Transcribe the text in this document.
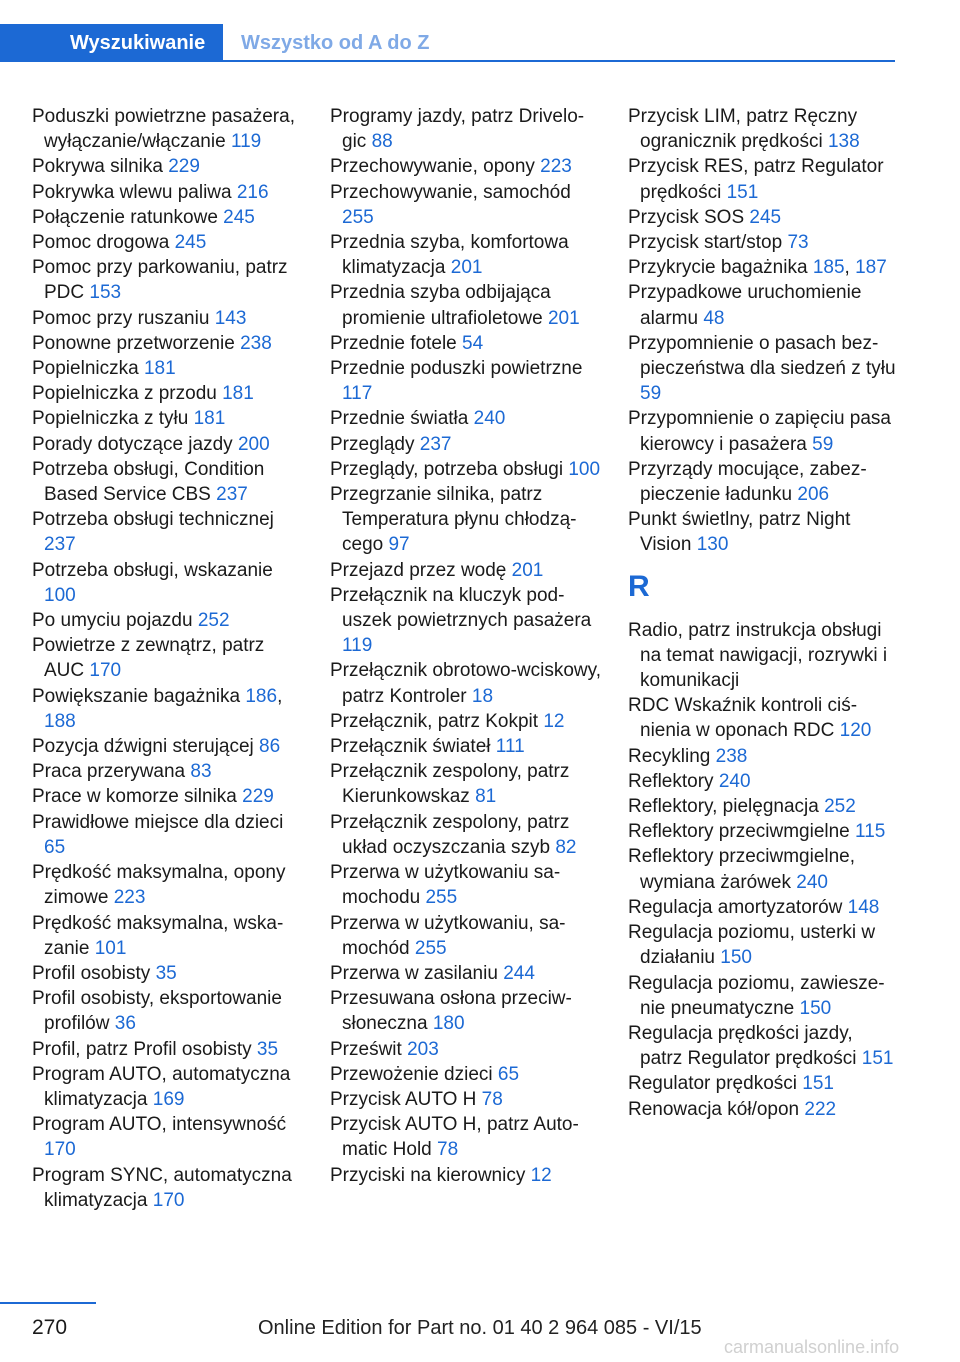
Wyszukiwanie	Wszystko od A do Z
Poduszki powietrzne pasażera, wyłączanie/włączanie 119
Pokrywa silnika 229
Pokrywka wlewu paliwa 216
Połączenie ratunkowe 245
Pomoc drogowa 245
Pomoc przy parkowaniu, patrz PDC 153
Pomoc przy ruszaniu 143
Ponowne przetworzenie 238
Popielniczka 181
Popielniczka z przodu 181
Popielniczka z tyłu 181
Porady dotyczące jazdy 200
Potrzeba obsługi, Condition Based Service CBS 237
Potrzeba obsługi technicznej 237
Potrzeba obsługi, wskazanie 100
Po umyciu pojazdu 252
Powietrze z zewnątrz, patrz AUC 170
Powiększanie bagażnika 186, 188
Pozycja dźwigni sterującej 86
Praca przerywana 83
Prace w komorze silnika 229
Prawidłowe miejsce dla dzieci 65
Prędkość maksymalna, opony zimowe 223
Prędkość maksymalna, wskazanie 101
Profil osobisty 35
Profil osobisty, eksportowanie profilów 36
Profil, patrz Profil osobisty 35
Program AUTO, automatyczna klimatyzacja 169
Program AUTO, intensywność 170
Program SYNC, automatyczna klimatyzacja 170
Programy jazdy, patrz Drivelogic 88
Przechowywanie, opony 223
Przechowywanie, samochód 255
Przednia szyba, komfortowa klimatyzacja 201
Przednia szyba odbijająca promienie ultrafioletowe 201
Przednie fotele 54
Przednie poduszki powietrzne 117
Przednie światła 240
Przeglądy 237
Przeglądy, potrzeba obsługi 100
Przegrzanie silnika, patrz Temperatura płynu chłodzącego 97
Przejazd przez wodę 201
Przełącznik na kluczyk poduszek powietrznych pasażera 119
Przełącznik obrotowo-wciskowy, patrz Kontroler 18
Przełącznik, patrz Kokpit 12
Przełącznik świateł 111
Przełącznik zespolony, patrz Kierunkowskaz 81
Przełącznik zespolony, patrz układ oczyszczania szyb 82
Przerwa w użytkowaniu samochodu 255
Przerwa w użytkowaniu, samochód 255
Przerwa w zasilaniu 244
Przesuwana osłona przeciwsłoneczna 180
Prześwit 203
Przewożenie dzieci 65
Przycisk AUTO H 78
Przycisk AUTO H, patrz Automatic Hold 78
Przyciski na kierownicy 12
Przycisk LIM, patrz Ręczny ogranicznik prędkości 138
Przycisk RES, patrz Regulator prędkości 151
Przycisk SOS 245
Przycisk start/stop 73
Przykrycie bagażnika 185, 187
Przypadkowe uruchomienie alarmu 48
Przypomnienie o pasach bezpieczeństwa dla siedzeń z tyłu 59
Przypomnienie o zapięciu pasa kierowcy i pasażera 59
Przyrządy mocujące, zabezpieczenie ładunku 206
Punkt świetlny, patrz Night Vision 130
R
Radio, patrz instrukcja obsługi na temat nawigacji, rozrywki i komunikacji
RDC Wskaźnik kontroli ciśnienia w oponach RDC 120
Recykling 238
Reflektory 240
Reflektory, pielęgnacja 252
Reflektory przeciwmgielne 115
Reflektory przeciwmgielne, wymiana żarówek 240
Regulacja amortyzatorów 148
Regulacja poziomu, usterki w działaniu 150
Regulacja poziomu, zawieszenie pneumatyczne 150
Regulacja prędkości jazdy, patrz Regulator prędkości 151
Regulator prędkości 151
Renowacja kół/opon 222
270	Online Edition for Part no. 01 40 2 964 085 - VI/15
carmanualsonline.info
